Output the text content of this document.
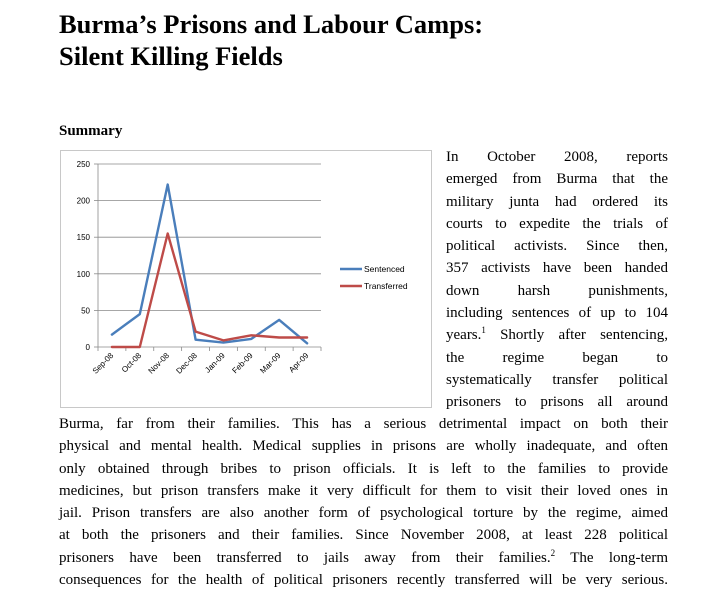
Burma’s Prisons and Labour Camps:
Silent Killing Fields
Summary
0
50
100
150
200
250
Sep-08 Oct-08 Nov-08 Dec-08 Jan-09 Feb-09 Mar-09 Apr-09
Sentenced
Transferred
In October 2008, reports
emerged from Burma that the
military junta had ordered its
courts to expedite the trials of
political activists. Since then,
357 activists have been handed
down harsh punishments,
including sentences of up to 104
years.$^1$ Shortly after sentencing,
the regime began to
systematically transfer political
prisoners to prisons all around
Burma, far from their families. This has a serious detrimental impact on both their
physical and mental health. Medical supplies in prisons are wholly inadequate, and often
only obtained through bribes to prison officials. It is left to the families to provide
medicines, but prison transfers make it very difficult for them to visit their loved ones in
jail. Prison transfers are also another form of psychological torture by the regime, aimed
at both the prisoners and their families. Since November 2008, at least 228 political
prisoners have been transferred to jails away from their families.$^2$ The long-term
consequences for the health of political prisoners recently transferred will be very serious.
